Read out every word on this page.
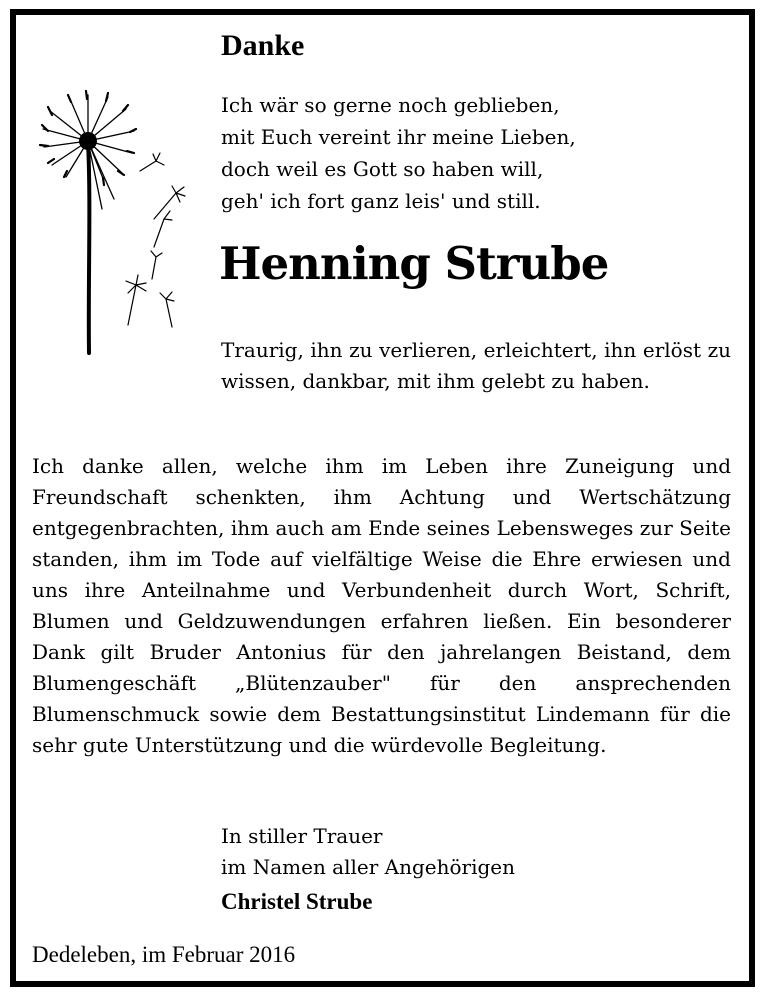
Danke
Ich wär so gerne noch geblieben,
mit Euch vereint ihr meine Lieben,
doch weil es Gott so haben will,
geh' ich fort ganz leis' und still.
Henning Strube
Traurig, ihn zu verlieren, erleichtert, ihn erlöst zu wissen, dankbar, mit ihm gelebt zu haben.
Ich danke allen, welche ihm im Leben ihre Zuneigung und Freundschaft schenkten, ihm Achtung und Wertschätzung entgegenbrachten, ihm auch am Ende seines Lebensweges zur Seite standen, ihm im Tode auf vielfältige Weise die Ehre erwiesen und uns ihre Anteilnahme und Verbundenheit durch Wort, Schrift, Blumen und Geldzuwendungen erfahren ließen. Ein besonderer Dank gilt Bruder Antonius für den jahrelangen Beistand, dem Blumengeschäft „Blütenzauber" für den ansprechenden Blumenschmuck sowie dem Bestattungsinstitut Lindemann für die sehr gute Unterstützung und die würdevolle Begleitung.
In stiller Trauer
im Namen aller Angehörigen
Christel Strube
Dedeleben, im Februar 2016
